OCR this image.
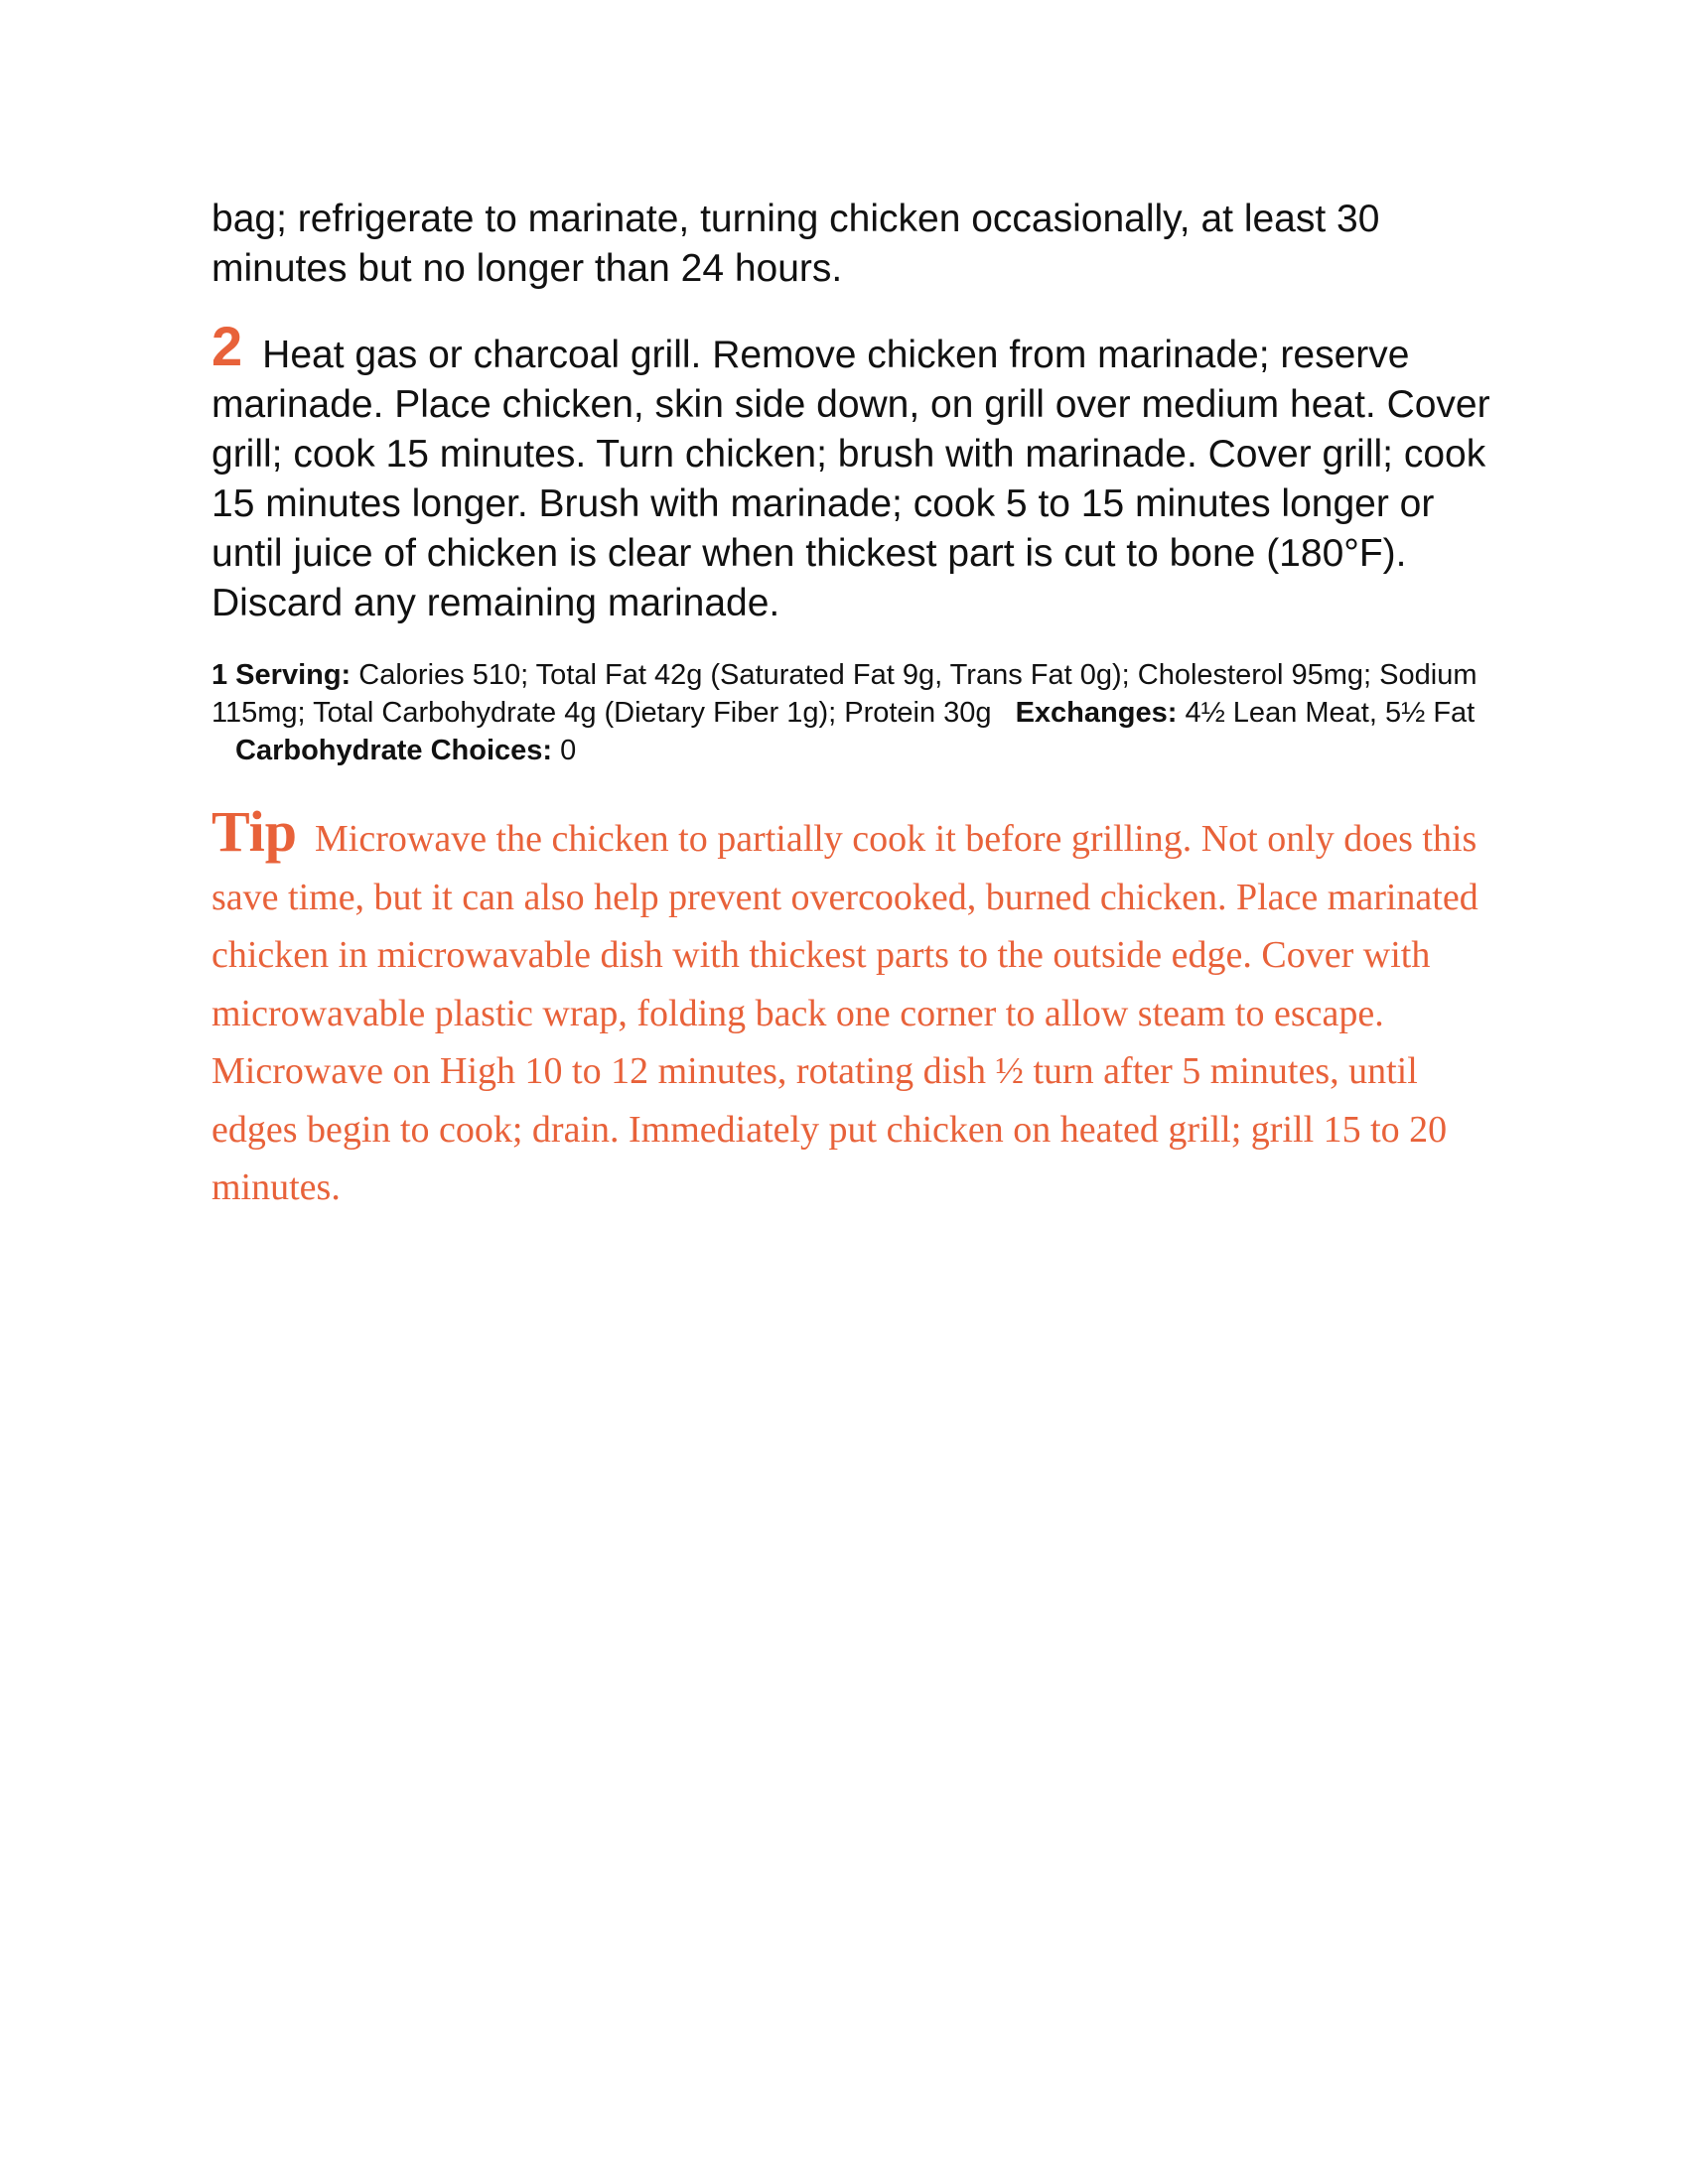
bag; refrigerate to marinate, turning chicken occasionally, at least 30 minutes but no longer than 24 hours.

2 Heat gas or charcoal grill. Remove chicken from marinade; reserve marinade. Place chicken, skin side down, on grill over medium heat. Cover grill; cook 15 minutes. Turn chicken; brush with marinade. Cover grill; cook 15 minutes longer. Brush with marinade; cook 5 to 15 minutes longer or until juice of chicken is clear when thickest part is cut to bone (180°F). Discard any remaining marinade.

1 Serving: Calories 510; Total Fat 42g (Saturated Fat 9g, Trans Fat 0g); Cholesterol 95mg; Sodium 115mg; Total Carbohydrate 4g (Dietary Fiber 1g); Protein 30g Exchanges: 4½ Lean Meat, 5½ FatCarbohydrate Choices: 0
Tip Microwave the chicken to partially cook it before grilling. Not only does this save time, but it can also help prevent overcooked, burned chicken. Place marinated chicken in microwavable dish with thickest parts to the outside edge. Cover with microwavable plastic wrap, folding back one corner to allow steam to escape. Microwave on High 10 to 12 minutes, rotating dish ½ turn after 5 minutes, until edges begin to cook; drain. Immediately put chicken on heated grill; grill 15 to 20 minutes.
